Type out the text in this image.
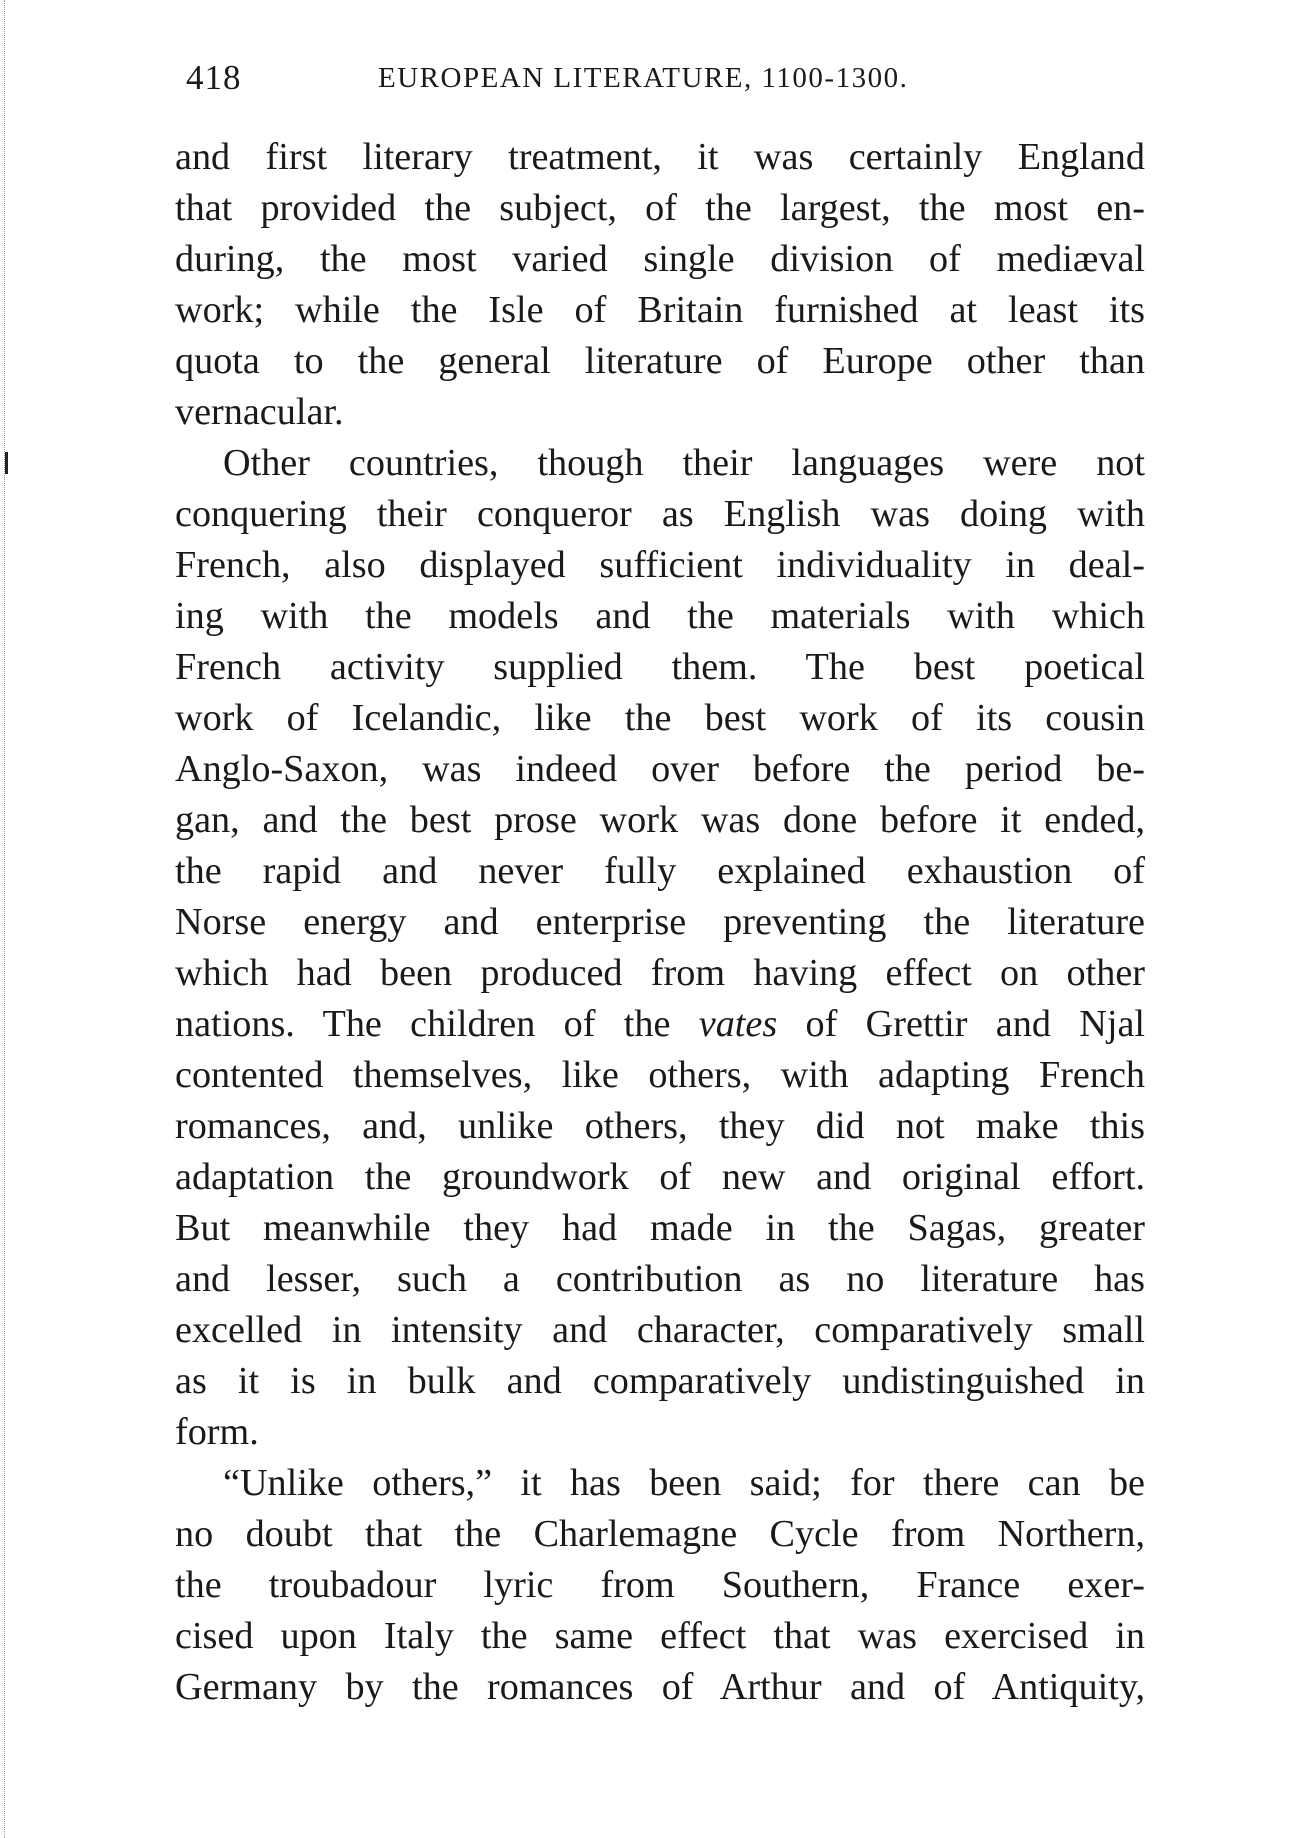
418	EUROPEAN LITERATURE, 1100-1300.
and first literary treatment, it was certainly England
that provided the subject, of the largest, the most en-
during, the most varied single division of mediæval
work; while the Isle of Britain furnished at least its
quota to the general literature of Europe other than
vernacular.
Other countries, though their languages were not
conquering their conqueror as English was doing with
French, also displayed sufficient individuality in deal-
ing with the models and the materials with which
French activity supplied them. The best poetical
work of Icelandic, like the best work of its cousin
Anglo-Saxon, was indeed over before the period be-
gan, and the best prose work was done before it ended,
the rapid and never fully explained exhaustion of
Norse energy and enterprise preventing the literature
which had been produced from having effect on other
nations. The children of the vates of Grettir and Njal
contented themselves, like others, with adapting French
romances, and, unlike others, they did not make this
adaptation the groundwork of new and original effort.
But meanwhile they had made in the Sagas, greater
and lesser, such a contribution as no literature has
excelled in intensity and character, comparatively small
as it is in bulk and comparatively undistinguished in
form.
“Unlike others,” it has been said; for there can be
no doubt that the Charlemagne Cycle from Northern,
the troubadour lyric from Southern, France exer-
cised upon Italy the same effect that was exercised in
Germany by the romances of Arthur and of Antiquity,
